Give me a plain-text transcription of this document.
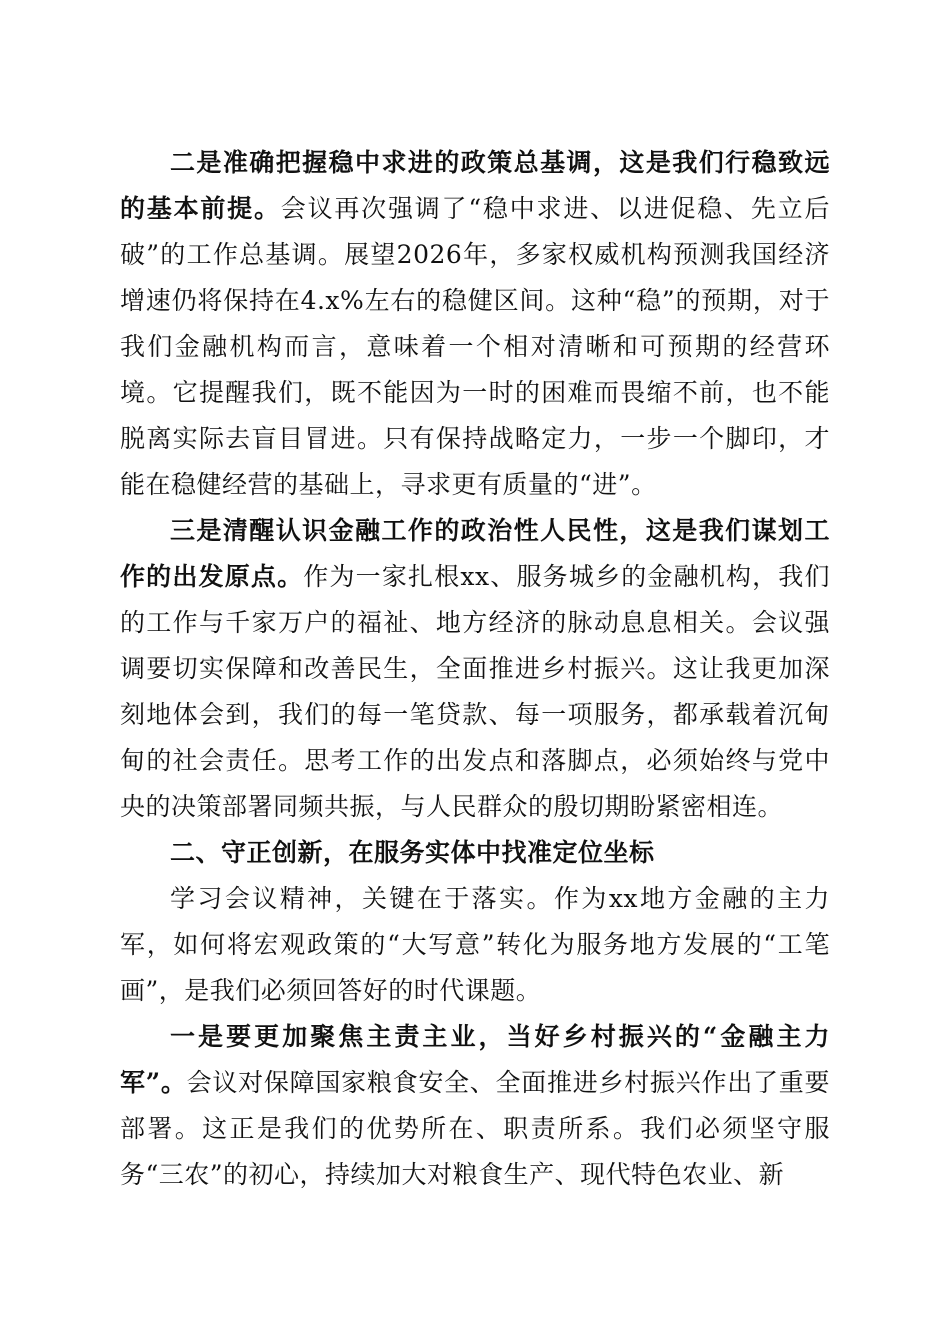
二是准确把握稳中求进的政策总基调，这是我们行稳致远的基本前提。会议再次强调了“稳中求进、以进促稳、先立后破”的工作总基调。展望2026年，多家权威机构预测我国经济增速仍将保持在4.x%左右的稳健区间。这种“稳”的预期，对于我们金融机构而言，意味着一个相对清晰和可预期的经营环境。它提醒我们，既不能因为一时的困难而畏缩不前，也不能脱离实际去盲目冒进。只有保持战略定力，一步一个脚印，才能在稳健经营的基础上，寻求更有质量的“进”。

三是清醒认识金融工作的政治性人民性，这是我们谋划工作的出发原点。作为一家扎根xx、服务城乡的金融机构，我们的工作与千家万户的福祉、地方经济的脉动息息相关。会议强调要切实保障和改善民生，全面推进乡村振兴。这让我更加深刻地体会到，我们的每一笔贷款、每一项服务，都承载着沉甸甸的社会责任。思考工作的出发点和落脚点，必须始终与党中央的决策部署同频共振，与人民群众的殷切期盼紧密相连。

二、守正创新，在服务实体中找准定位坐标

学习会议精神，关键在于落实。作为xx地方金融的主力军，如何将宏观政策的“大写意”转化为服务地方发展的“工笔画”，是我们必须回答好的时代课题。

一是要更加聚焦主责主业，当好乡村振兴的“金融主力军”。会议对保障国家粮食安全、全面推进乡村振兴作出了重要部署。这正是我们的优势所在、职责所系。我们必须坚守服务“三农”的初心，持续加大对粮食生产、现代特色农业、新
